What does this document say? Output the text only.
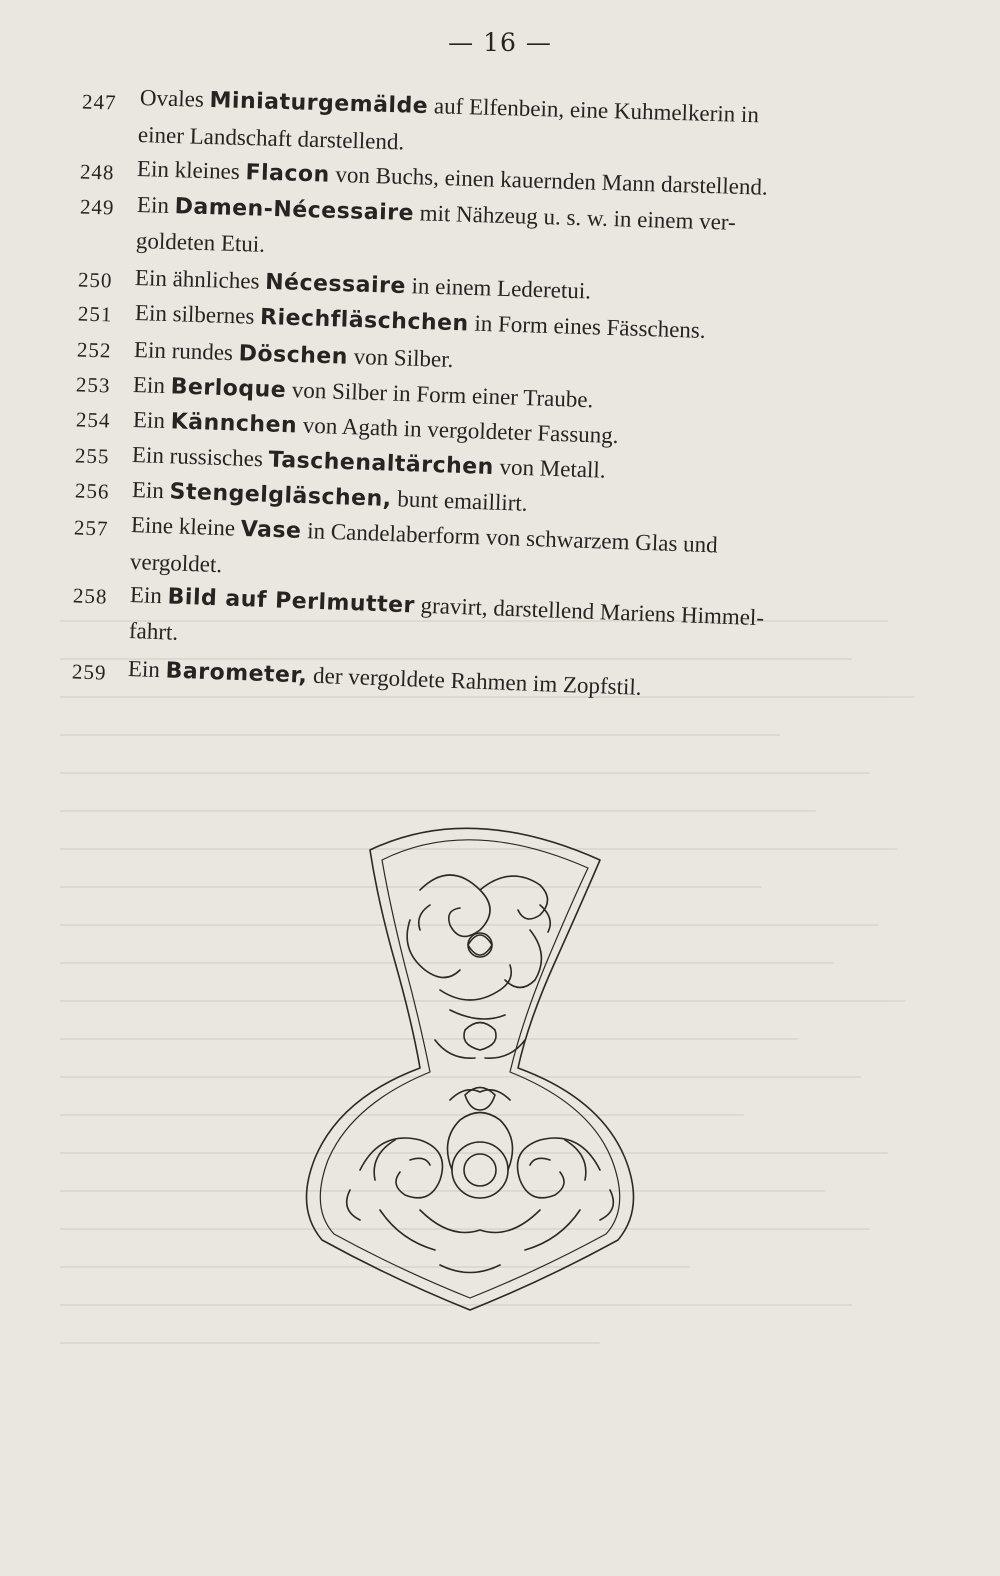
— 16 —
247 Ovales Miniaturgemälde auf Elfenbein, eine Kuhmelkerin in
einer Landschaft darstellend.
248 Ein kleines Flacon von Buchs, einen kauernden Mann darstellend.
249 Ein Damen-Nécessaire mit Nähzeug u. s. w. in einem ver-
goldeten Etui.
250 Ein ähnliches Nécessaire in einem Lederetui.
251 Ein silbernes Riechfläschchen in Form eines Fässchens.
252 Ein rundes Döschen von Silber.
253 Ein Berloque von Silber in Form einer Traube.
254 Ein Kännchen von Agath in vergoldeter Fassung.
255 Ein russisches Taschenaltärchen von Metall.
256 Ein Stengelgläschen, bunt emaillirt.
257 Eine kleine Vase in Candelaberform von schwarzem Glas und
vergoldet.
258 Ein Bild auf Perlmutter gravirt, darstellend Mariens Himmel-
fahrt.
259 Ein Barometer, der vergoldete Rahmen im Zopfstil.
